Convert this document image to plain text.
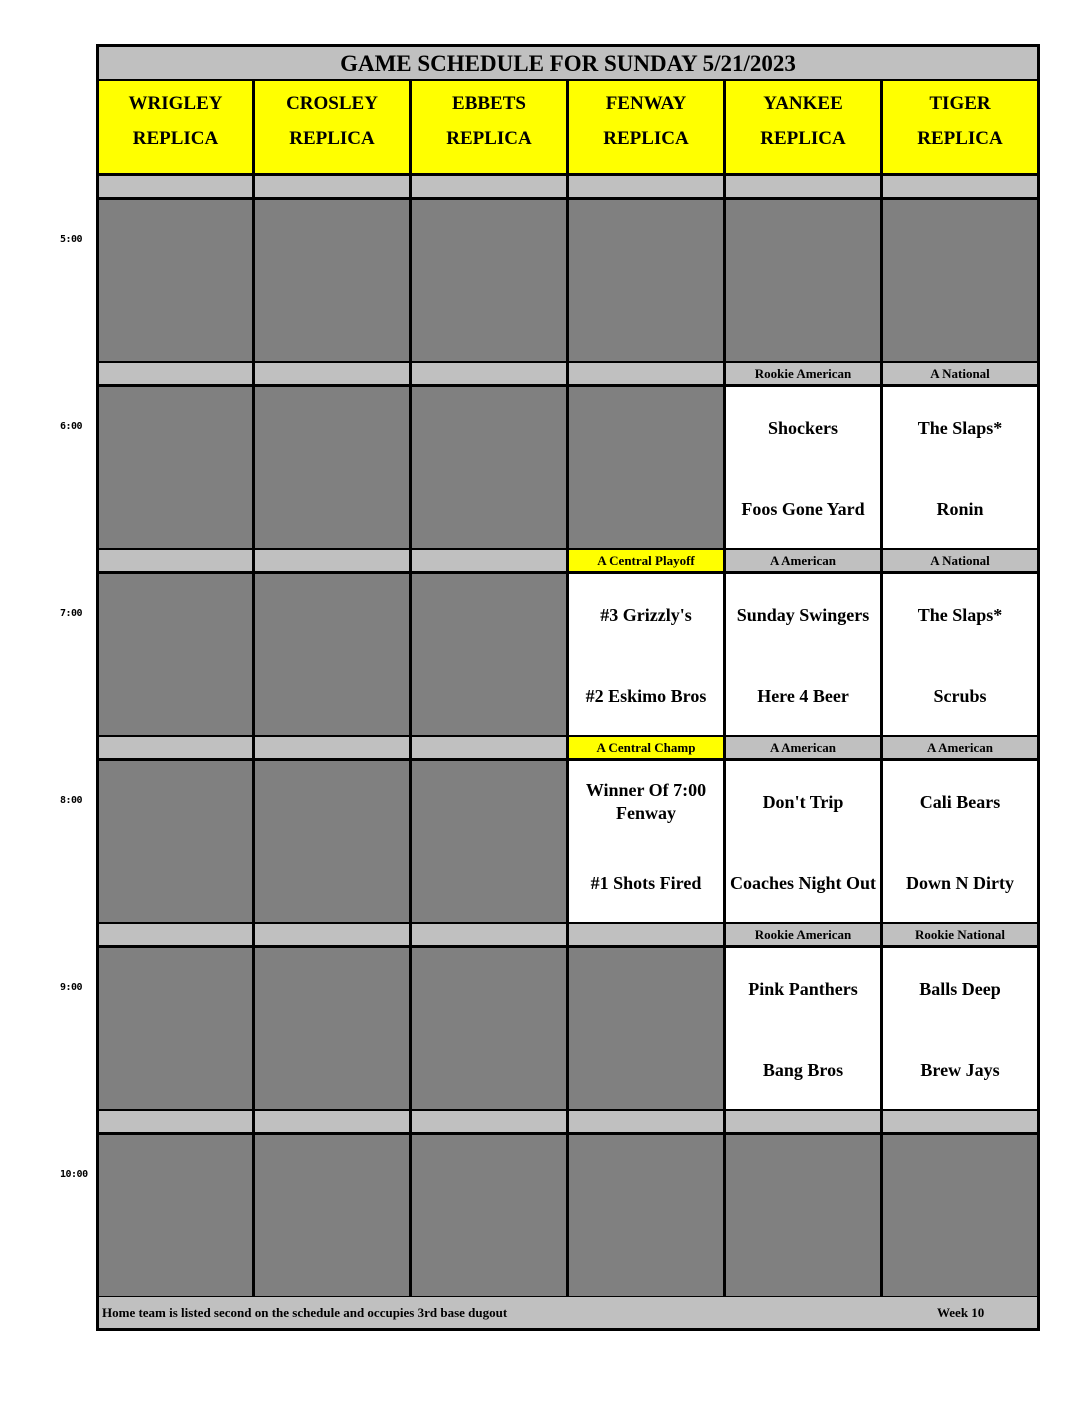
GAME SCHEDULE FOR SUNDAY 5/21/2023
WRIGLEY
REPLICA
CROSLEY
REPLICA
EBBETS
REPLICA
FENWAY
REPLICA
YANKEE
REPLICA
TIGER
REPLICA
Rookie American
Shockers
Foos Gone Yard
A National
The Slaps*
Ronin
A Central Playoff
#3 Grizzly's
#2 Eskimo Bros
A American
Sunday Swingers
Here 4 Beer
A National
The Slaps*
Scrubs
A Central Champ
Winner Of 7:00 Fenway
#1 Shots Fired
A American
Don't Trip
Coaches Night Out
A American
Cali Bears
Down N Dirty
Rookie American
Pink Panthers
Bang Bros
Rookie National
Balls Deep
Brew Jays
Home team is listed second on the schedule and occupies 3rd base dugout	Week 10
5:00
6:00
7:00
8:00
9:00
10:00
